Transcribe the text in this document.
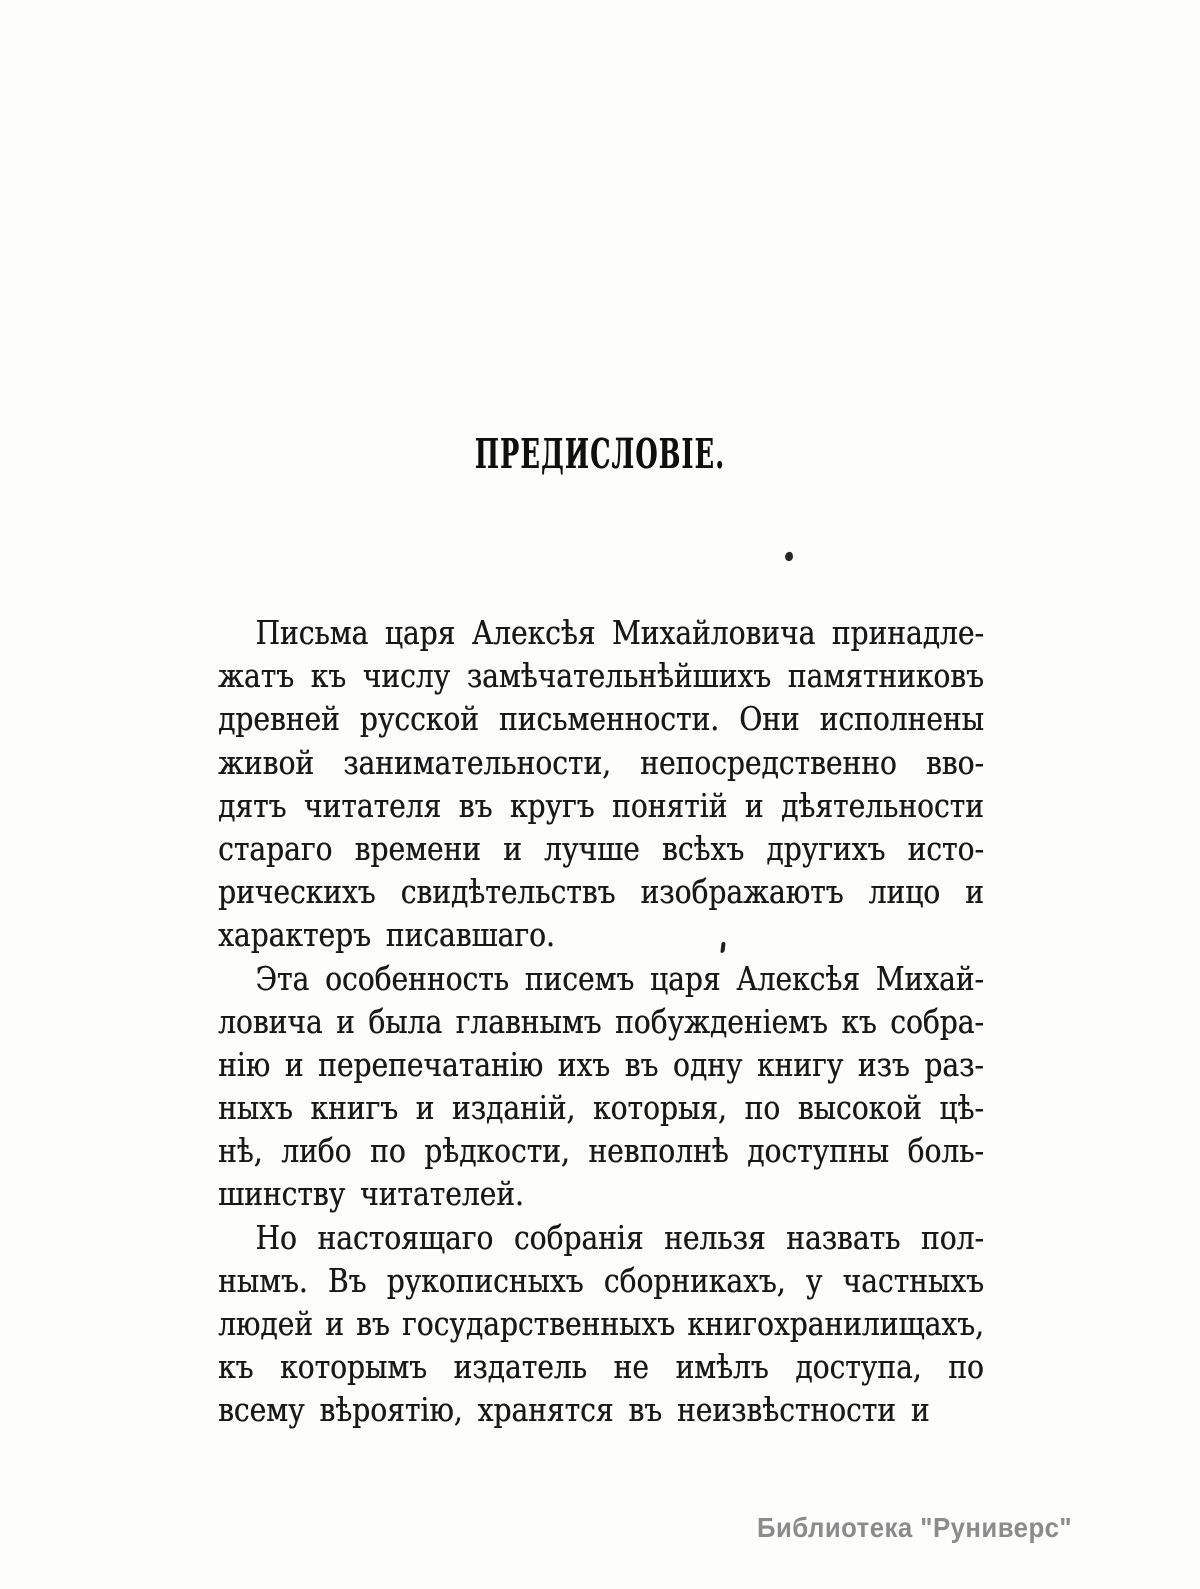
ПРЕДИСЛОВІЕ.
Письма царя Алексѣя Михайловича принадле-
жатъ къ числу замѣчательнѣйшихъ памятниковъ
древней русской письменности. Они исполнены
живой занимательности, непосредственно вво-
дятъ читателя въ кругъ понятій и дѣятельности
стараго времени и лучше всѣхъ другихъ исто-
рическихъ свидѣтельствъ изображаютъ лицо и
характеръ писавшаго.
Эта особенность писемъ царя Алексѣя Михай-
ловича и была главнымъ побужденіемъ къ собра-
нію и перепечатанію ихъ въ одну книгу изъ раз-
ныхъ книгъ и изданій, которыя, по высокой цѣ-
нѣ, либо по рѣдкости, невполнѣ доступны боль-
шинству читателей.
Но настоящаго собранія нельзя назвать пол-
нымъ. Въ рукописныхъ сборникахъ, у частныхъ
людей и въ государственныхъ книгохранилищахъ,
къ которымъ издатель не имѣлъ доступа, по
всему вѣроятію, хранятся въ неизвѣстности и
Библиотека "Руниверс"
